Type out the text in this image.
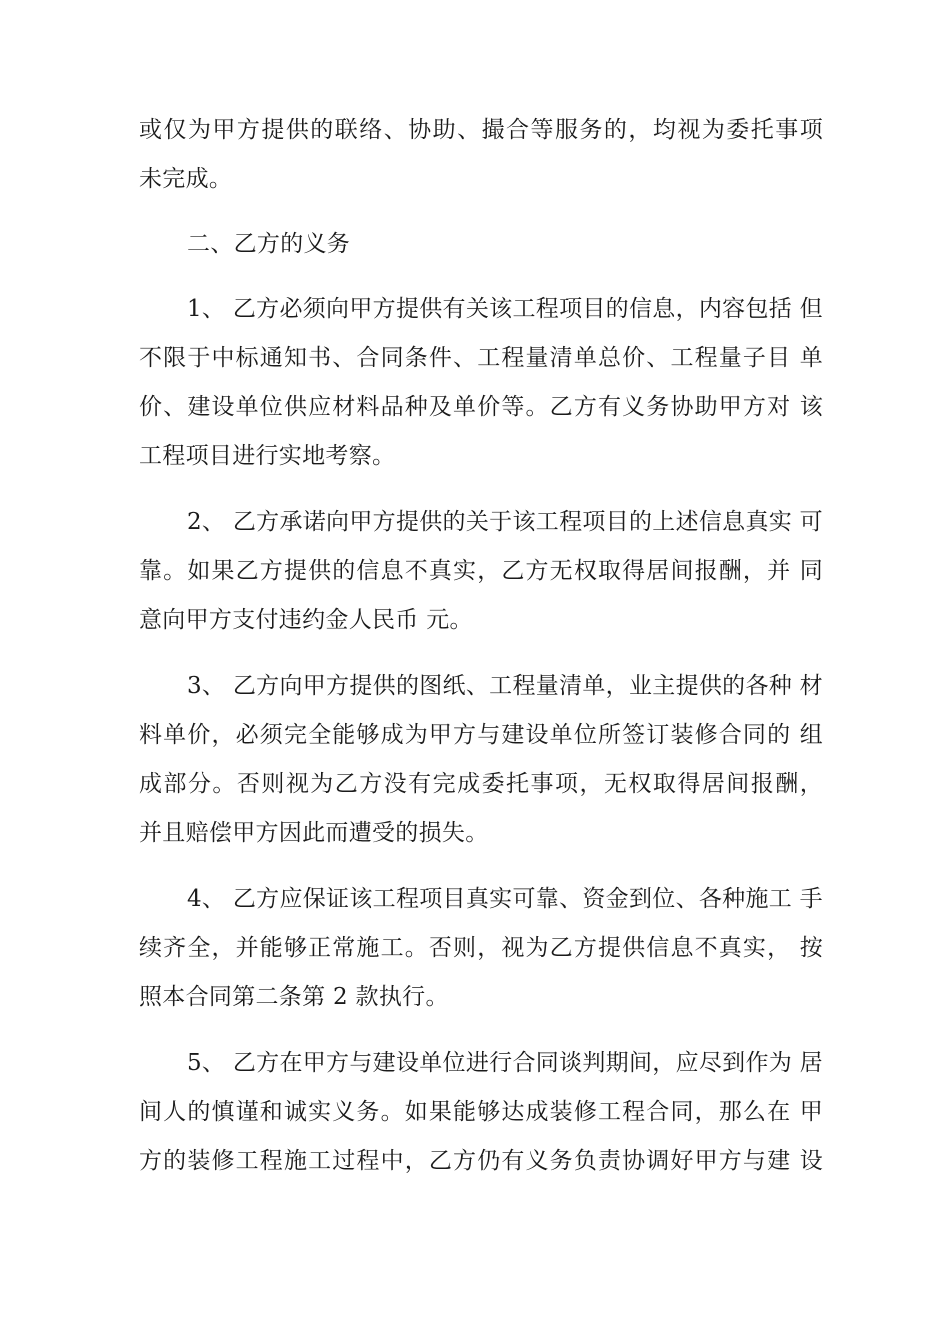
或仅为甲方提供的联络、协助、撮合等服务的，均视为委托事项
未完成。
二、乙方的义务
1、 乙方必须向甲方提供有关该工程项目的信息，内容包括 但
不限于中标通知书、合同条件、工程量清单总价、工程量子目 单
价、建设单位供应材料品种及单价等。乙方有义务协助甲方对 该
工程项目进行实地考察。
2、 乙方承诺向甲方提供的关于该工程项目的上述信息真实 可
靠。如果乙方提供的信息不真实，乙方无权取得居间报酬，并 同
意向甲方支付违约金人民币 元。
3、 乙方向甲方提供的图纸、工程量清单，业主提供的各种 材
料单价，必须完全能够成为甲方与建设单位所签订装修合同的 组
成部分。否则视为乙方没有完成委托事项，无权取得居间报酬，
并且赔偿甲方因此而遭受的损失。
4、 乙方应保证该工程项目真实可靠、资金到位、各种施工 手
续齐全，并能够正常施工。否则，视为乙方提供信息不真实， 按
照本合同第二条第 2 款执行。
5、 乙方在甲方与建设单位进行合同谈判期间，应尽到作为 居
间人的慎谨和诚实义务。如果能够达成装修工程合同，那么在 甲
方的装修工程施工过程中，乙方仍有义务负责协调好甲方与建 设
